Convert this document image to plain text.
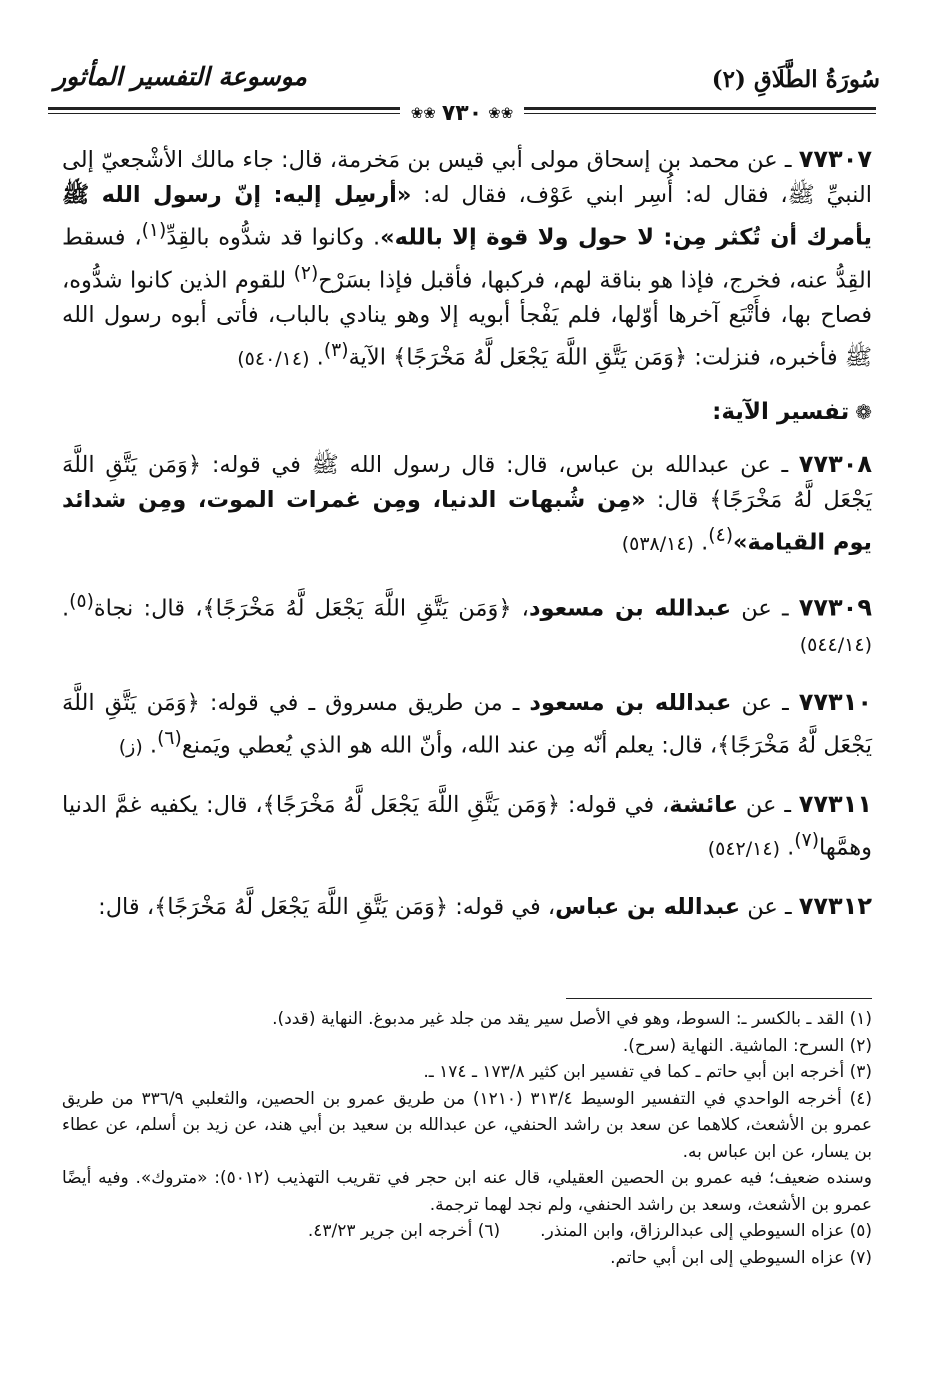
سُورَةُ الطَّلَاقِ (٢)
موسوعة التفسير المأثور
❀❀ ٧٣٠ ❀❀

٧٧٣٠٧ ـ عن محمد بن إسحاق مولى أبي قيس بن مَخرمة، قال: جاء مالك الأشْجعيّ إلى النبيِّ ﷺ، فقال له: أُسِر ابني عَوْف، فقال له: «أرسِل إليه: إنّ رسول الله ﷺ يأمرك أن تُكثر مِن: لا حول ولا قوة إلا بالله». وكانوا قد شدُّوه بالقِدِّ$^{(١)}$، فسقط القِدُّ عنه، فخرج، فإذا هو بناقة لهم، فركبها، فأقبل فإذا بسَرْح$^{(٢)}$ للقوم الذين كانوا شدُّوه، فصاح بها، فأَتْبَع آخرها أوّلها، فلم يَفْجأ أبويه إلا وهو ينادي بالباب، فأتى أبوه رسول الله ﷺ فأخبره، فنزلت: ﴿وَمَن يَتَّقِ اللَّهَ يَجْعَل لَّهُ مَخْرَجًا﴾ الآية$^{(٣)}$. (٥٤٠/١٤)

❁تفسير الآية:

٧٧٣٠٨ ـ عن عبدالله بن عباس، قال: قال رسول الله ﷺ في قوله: ﴿وَمَن يَتَّقِ اللَّهَ يَجْعَل لَّهُ مَخْرَجًا﴾ قال: «مِن شُبهات الدنيا، ومِن غمرات الموت، ومِن شدائد يوم القيامة»$^{(٤)}$. (٥٣٨/١٤)

٧٧٣٠٩ ـ عن عبدالله بن مسعود، ﴿وَمَن يَتَّقِ اللَّهَ يَجْعَل لَّهُ مَخْرَجًا﴾، قال: نجاة$^{(٥)}$. (٥٤٤/١٤)

٧٧٣١٠ ـ عن عبدالله بن مسعود ـ من طريق مسروق ـ في قوله: ﴿وَمَن يَتَّقِ اللَّهَ يَجْعَل لَّهُ مَخْرَجًا﴾، قال: يعلم أنّه مِن عند الله، وأنّ الله هو الذي يُعطي ويَمنع$^{(٦)}$. (ز)

٧٧٣١١ ـ عن عائشة، في قوله: ﴿وَمَن يَتَّقِ اللَّهَ يَجْعَل لَّهُ مَخْرَجًا﴾، قال: يكفيه غمَّ الدنيا وهمَّها$^{(٧)}$. (٥٤٢/١٤)

٧٧٣١٢ ـ عن عبدالله بن عباس، في قوله: ﴿وَمَن يَتَّقِ اللَّهَ يَجْعَل لَّهُ مَخْرَجًا﴾، قال:

(١) القد ـ بالكسر ـ: السوط، وهو في الأصل سير يقد من جلد غير مدبوغ. النهاية (قدد).

(٢) السرح: الماشية. النهاية (سرح).

(٣) أخرجه ابن أبي حاتم ـ كما في تفسير ابن كثير ١٧٣/٨ ـ ١٧٤ ـ.

(٤) أخرجه الواحدي في التفسير الوسيط ٣١٣/٤ (١٢١٠) من طريق عمرو بن الحصين، والثعلبي ٣٣٦/٩ من طريق عمرو بن الأشعث، كلاهما عن سعد بن راشد الحنفي، عن عبدالله بن سعيد بن أبي هند، عن زيد بن أسلم، عن عطاء بن يسار، عن ابن عباس به.

وسنده ضعيف؛ فيه عمرو بن الحصين العقيلي، قال عنه ابن حجر في تقريب التهذيب (٥٠١٢): «متروك». وفيه أيضًا عمرو بن الأشعث، وسعد بن راشد الحنفي، ولم نجد لهما ترجمة.

(٥) عزاه السيوطي إلى عبدالرزاق، وابن المنذر.
(٦) أخرجه ابن جرير ٤٣/٢٣.

(٧) عزاه السيوطي إلى ابن أبي حاتم.
